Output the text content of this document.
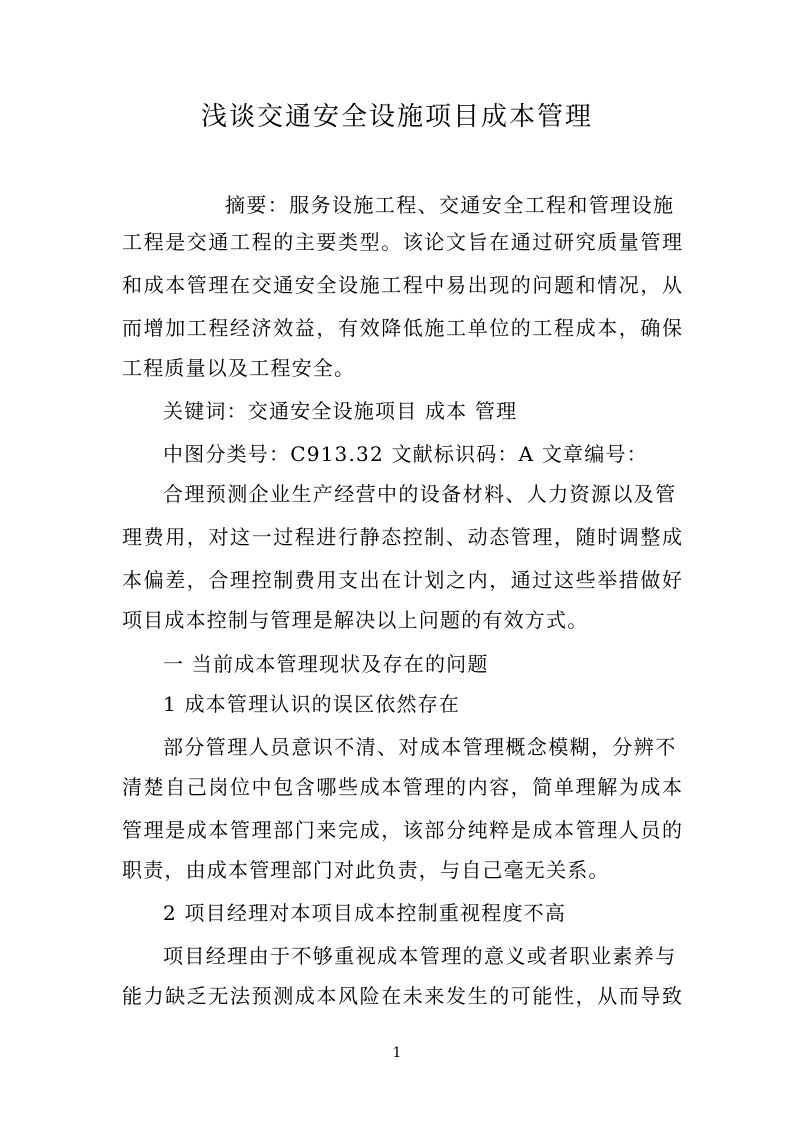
浅谈交通安全设施项目成本管理
摘要：服务设施工程、交通安全工程和管理设施
工程是交通工程的主要类型。该论文旨在通过研究质量管理
和成本管理在交通安全设施工程中易出现的问题和情况，从
而增加工程经济效益，有效降低施工单位的工程成本，确保
工程质量以及工程安全。
关键词：交通安全设施项目 成本 管理
中图分类号：C913.32 文献标识码：A 文章编号：
合理预测企业生产经营中的设备材料、人力资源以及管
理费用，对这一过程进行静态控制、动态管理，随时调整成
本偏差，合理控制费用支出在计划之内，通过这些举措做好
项目成本控制与管理是解决以上问题的有效方式。
一 当前成本管理现状及存在的问题
1 成本管理认识的误区依然存在
部分管理人员意识不清、对成本管理概念模糊，分辨不
清楚自己岗位中包含哪些成本管理的内容，简单理解为成本
管理是成本管理部门来完成，该部分纯粹是成本管理人员的
职责，由成本管理部门对此负责，与自己毫无关系。
2 项目经理对本项目成本控制重视程度不高
项目经理由于不够重视成本管理的意义或者职业素养与
能力缺乏无法预测成本风险在未来发生的可能性，从而导致
1
